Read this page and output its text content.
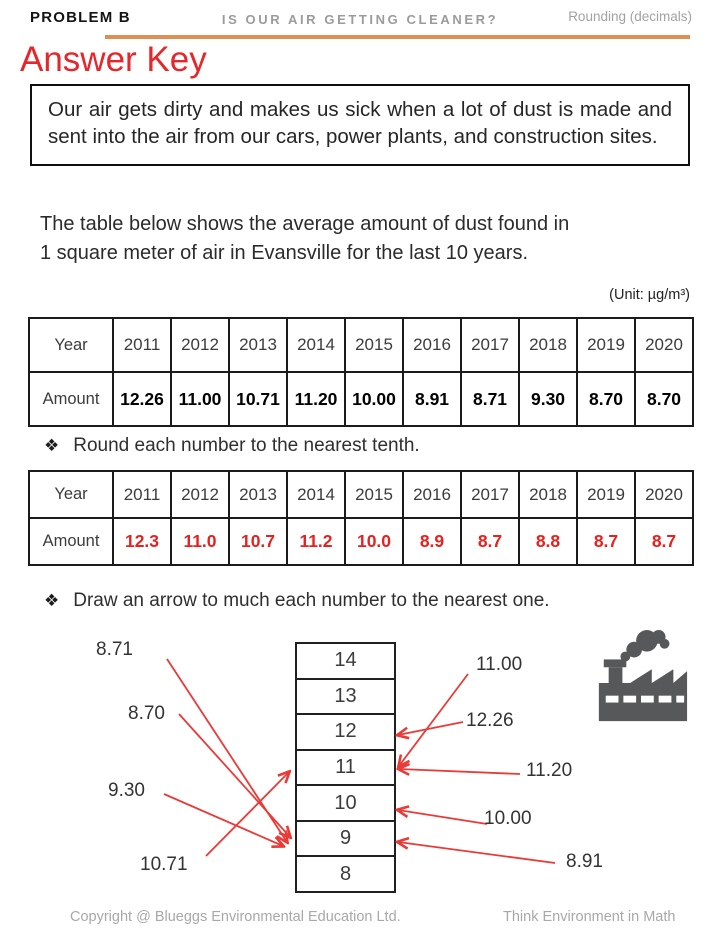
PROBLEM B	IS OUR AIR GETTING CLEANER?	Rounding (decimals)
Answer Key
Our air gets dirty and makes us sick when a lot of dust is made and sent into the air from our cars, power plants, and construction sites.
The table below shows the average amount of dust found in
1 square meter of air in Evansville for the last 10 years.
(Unit: µg/m³)
Year	2011	2012	2013	2014	2015	2016	2017	2018	2019	2020
Amount	12.26	11.00	10.71	11.20	10.00	8.91	8.71	9.30	8.70	8.70
❖ Round each number to the nearest tenth.
Year	2011	2012	2013	2014	2015	2016	2017	2018	2019	2020
Amount	12.3	11.0	10.7	11.2	10.0	8.9	8.7	8.8	8.7	8.7
❖ Draw an arrow to much each number to the nearest one.
14
13
12
11
10
9
8
8.71
8.70
9.30
10.71
11.00
12.26
11.20
10.00
8.91
Copyright @ Blueggs Environmental Education Ltd.	Think Environment in Math
